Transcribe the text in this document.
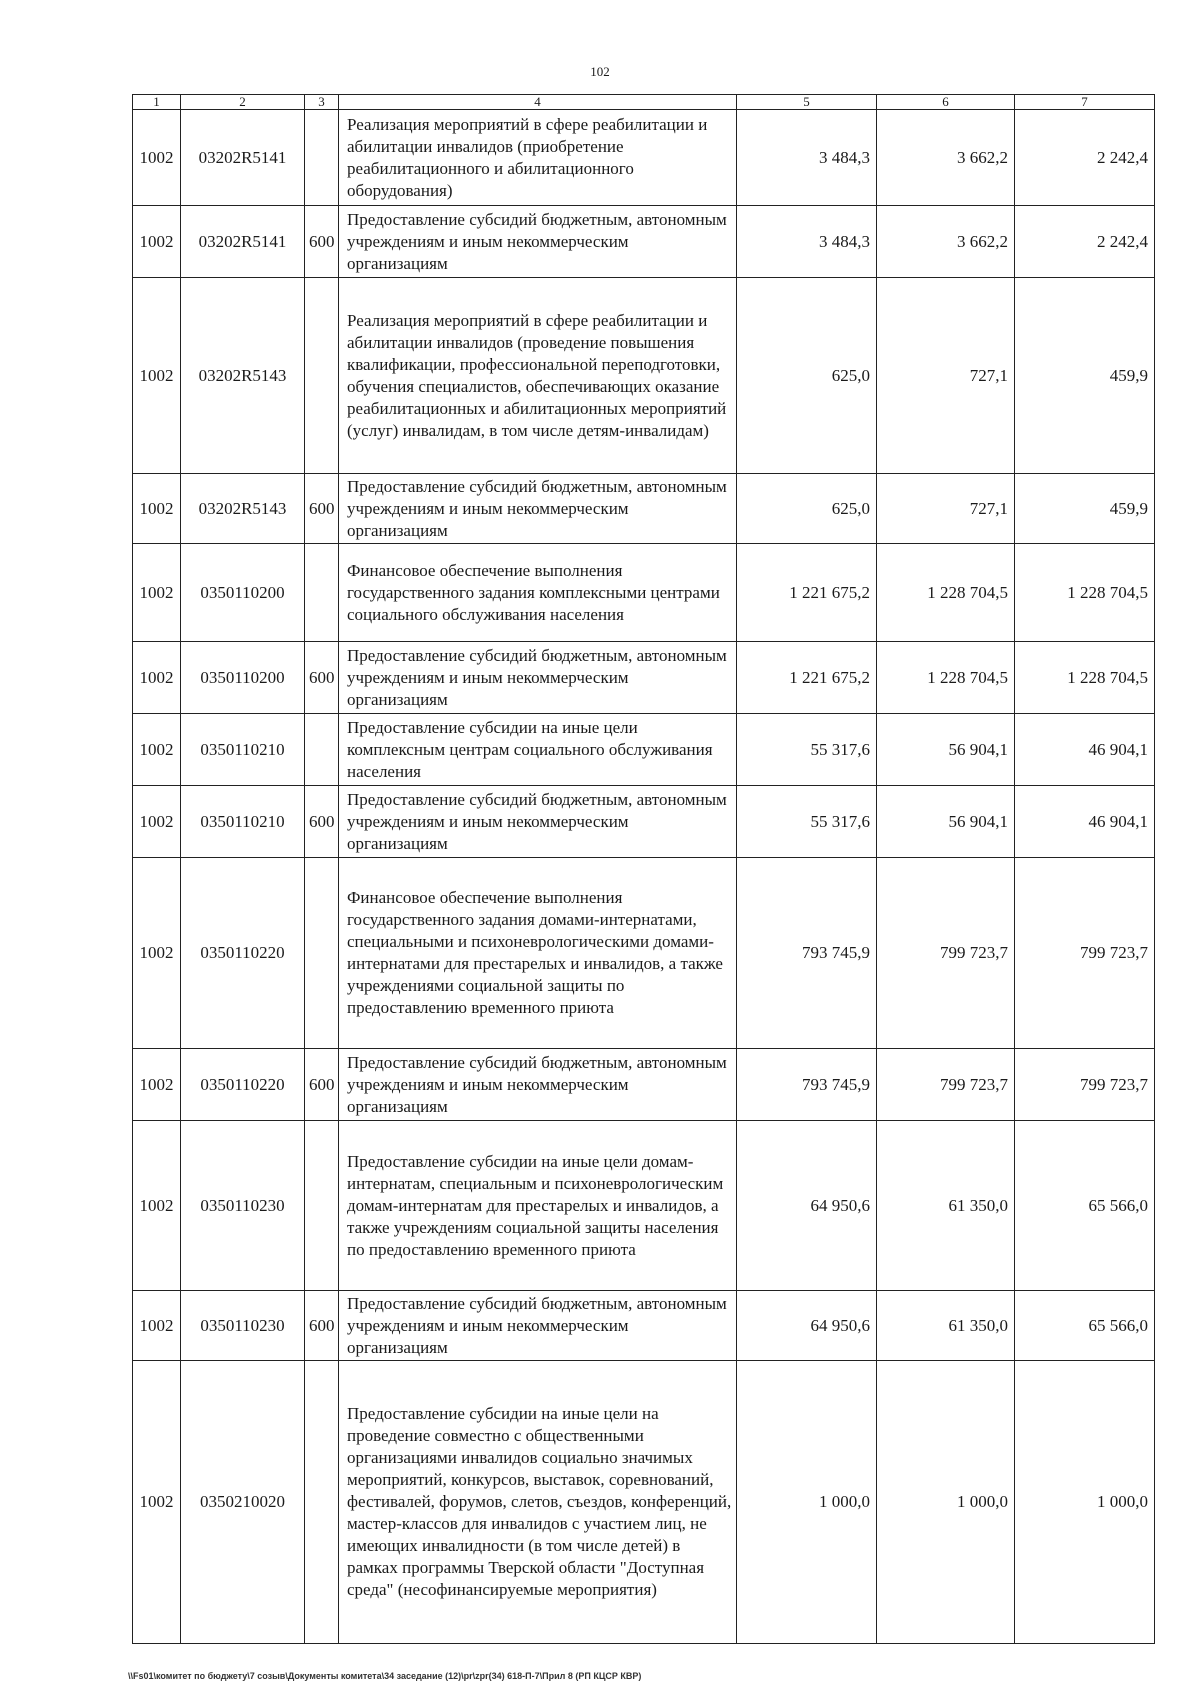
102
1	2	3	4	5	6	7
1002	03202R5141		Реализация мероприятий в сфере реабилитации и абилитации инвалидов (приобретение реабилитационного и абилитационного оборудования)	3 484,3	3 662,2	2 242,4
1002	03202R5141	600	Предоставление субсидий бюджетным, автономным учреждениям и иным некоммерческим организациям	3 484,3	3 662,2	2 242,4
1002	03202R5143		Реализация мероприятий в сфере реабилитации и абилитации инвалидов (проведение повышения квалификации, профессиональной переподготовки, обучения специалистов, обеспечивающих оказание реабилитационных и абилитационных мероприятий (услуг) инвалидам, в том числе детям-инвалидам)	625,0	727,1	459,9
1002	03202R5143	600	Предоставление субсидий бюджетным, автономным учреждениям и иным некоммерческим организациям	625,0	727,1	459,9
1002	0350110200		Финансовое обеспечение выполнения государственного задания комплексными центрами социального обслуживания населения	1 221 675,2	1 228 704,5	1 228 704,5
1002	0350110200	600	Предоставление субсидий бюджетным, автономным учреждениям и иным некоммерческим организациям	1 221 675,2	1 228 704,5	1 228 704,5
1002	0350110210		Предоставление субсидии на иные цели комплексным центрам социального обслуживания населения	55 317,6	56 904,1	46 904,1
1002	0350110210	600	Предоставление субсидий бюджетным, автономным учреждениям и иным некоммерческим организациям	55 317,6	56 904,1	46 904,1
1002	0350110220		Финансовое обеспечение выполнения государственного задания домами-интернатами, специальными и психоневрологическими домами-интернатами для престарелых и инвалидов, а также учреждениями социальной защиты по предоставлению временного приюта	793 745,9	799 723,7	799 723,7
1002	0350110220	600	Предоставление субсидий бюджетным, автономным учреждениям и иным некоммерческим организациям	793 745,9	799 723,7	799 723,7
1002	0350110230		Предоставление субсидии на иные цели домам-интернатам, специальным и психоневрологическим домам-интернатам для престарелых и инвалидов, а также учреждениям социальной защиты населения по предоставлению временного приюта	64 950,6	61 350,0	65 566,0
1002	0350110230	600	Предоставление субсидий бюджетным, автономным учреждениям и иным некоммерческим организациям	64 950,6	61 350,0	65 566,0
1002	0350210020		Предоставление субсидии на иные цели на проведение совместно с общественными организациями инвалидов социально значимых мероприятий, конкурсов, выставок, соревнований, фестивалей, форумов, слетов, съездов, конференций, мастер-классов для инвалидов с участием лиц, не имеющих инвалидности (в том числе детей) в рамках программы Тверской области "Доступная среда" (несофинансируемые мероприятия)	1 000,0	1 000,0	1 000,0
\\Fs01\комитет по бюджету\7 созыв\Документы комитета\34 заседание (12)\pr\zpr(34) 618-П-7\Прил 8 (РП КЦСР КВР)
